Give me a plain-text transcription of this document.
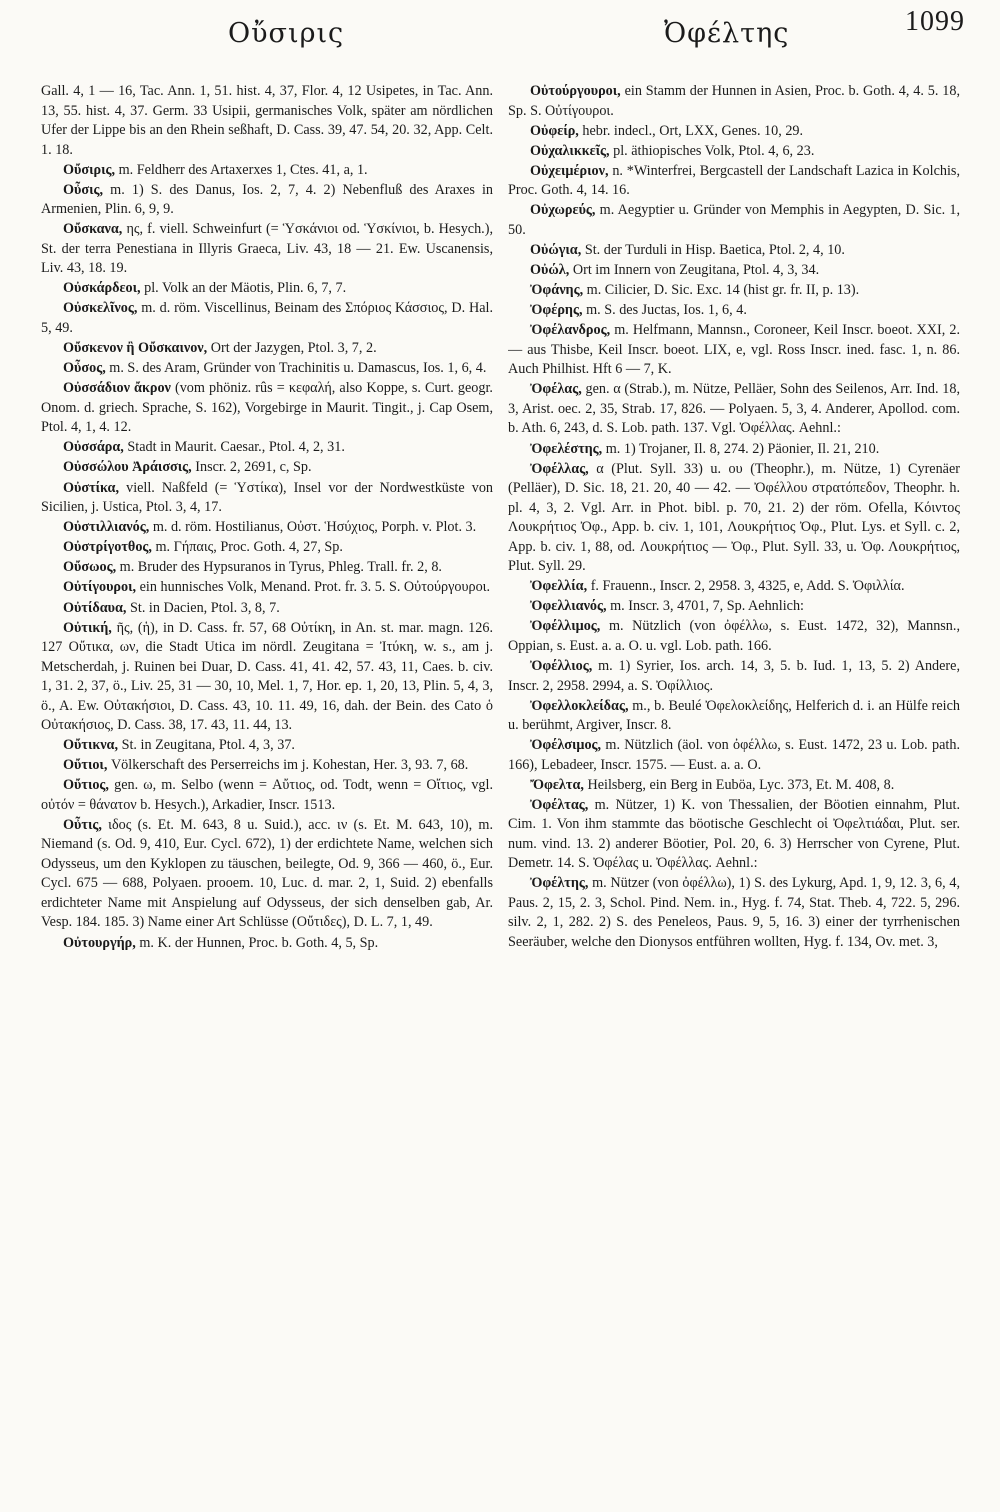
Οὔσιρις	Ὀφέλτης	1099

Gall. 4, 1 — 16, Tac. Ann. 1, 51. hist. 4, 37, Flor. 4, 12 Usipetes, in Tac. Ann. 13, 55. hist. 4, 37. Germ. 33 Usipii, germanisches Volk, später am nördlichen Ufer der Lippe bis an den Rhein seßhaft, D. Cass. 39, 47. 54, 20. 32, App. Celt. 1. 18.

Οὔσιρις, m. Feldherr des Artaxerxes 1, Ctes. 41, a, 1.

Οὖσις, m. 1) S. des Danus, Ios. 2, 7, 4. 2) Nebenfluß des Araxes in Armenien, Plin. 6, 9, 9.

Οὔσκανα, ης, f. viell. Schweinfurt (= Ὑσκάνιοι od. Ὑσκίνιοι, b. Hesych.), St. der terra Penestiana in Illyris Graeca, Liv. 43, 18 — 21. Ew. Uscanensis, Liv. 43, 18. 19.

Οὐσκάρδεοι, pl. Volk an der Mäotis, Plin. 6, 7, 7.

Οὐσκελῖνος, m. d. röm. Viscellinus, Beinam des Σπόριος Κάσσιος, D. Hal. 5, 49.

Οὔσκενον ἢ Οὔσκαινον, Ort der Jazygen, Ptol. 3, 7, 2.

Οὖσος, m. S. des Aram, Gründer von Trachinitis u. Damascus, Ios. 1, 6, 4.

Οὐσσάδιον ἄκρον (vom phöniz. rûs = κεφαλή, also Koppe, s. Curt. geogr. Onom. d. griech. Sprache, S. 162), Vorgebirge in Maurit. Tingit., j. Cap Osem, Ptol. 4, 1, 4. 12.

Οὐσσάρα, Stadt in Maurit. Caesar., Ptol. 4, 2, 31.

Οὐσσώλου Ἀράισσις, Inscr. 2, 2691, c, Sp.

Οὐστίκα, viell. Naßfeld (= Ὑστίκα), Insel vor der Nordwestküste von Sicilien, j. Ustica, Ptol. 3, 4, 17.

Οὐστιλλιανός, m. d. röm. Hostilianus, Οὐστ. Ἡσύχιος, Porph. v. Plot. 3.

Οὐστρίγοτθος, m. Γήπαις, Proc. Goth. 4, 27, Sp.

Οὔσωος, m. Bruder des Hypsuranos in Tyrus, Phleg. Trall. fr. 2, 8.

Οὐτίγουροι, ein hunnisches Volk, Menand. Prot. fr. 3. 5. S. Οὐτούργουροι.

Οὐτίδαυα, St. in Dacien, Ptol. 3, 8, 7.

Οὐτική, ῆς, (ἡ), in D. Cass. fr. 57, 68 Οὐτίκη, in An. st. mar. magn. 126. 127 Οὔτικα, ων, die Stadt Utica im nördl. Zeugitana = Ἰτύκη, w. s., am j. Metscherdah, j. Ruinen bei Duar, D. Cass. 41, 41. 42, 57. 43, 11, Caes. b. civ. 1, 31. 2, 37, ö., Liv. 25, 31 — 30, 10, Mel. 1, 7, Hor. ep. 1, 20, 13, Plin. 5, 4, 3, ö., A. Ew. Οὐτακήσιοι, D. Cass. 43, 10. 11. 49, 16, dah. der Bein. des Cato ὁ Οὐτακήσιος, D. Cass. 38, 17. 43, 11. 44, 13.

Οὔτικνα, St. in Zeugitana, Ptol. 4, 3, 37.

Οὔτιοι, Völkerschaft des Perserreichs im j. Kohestan, Her. 3, 93. 7, 68.

Οὔτιος, gen. ω, m. Selbo (wenn = Αὔτιος, od. Todt, wenn = Οἴτιος, vgl. οὐτόν = θάνατον b. Hesych.), Arkadier, Inscr. 1513.

Οὖτις, ιδος (s. Et. M. 643, 8 u. Suid.), acc. ιν (s. Et. M. 643, 10), m. Niemand (s. Od. 9, 410, Eur. Cycl. 672), 1) der erdichtete Name, welchen sich Odysseus, um den Kyklopen zu täuschen, beilegte, Od. 9, 366 — 460, ö., Eur. Cycl. 675 — 688, Polyaen. prooem. 10, Luc. d. mar. 2, 1, Suid. 2) ebenfalls erdichteter Name mit Anspielung auf Odysseus, der sich denselben gab, Ar. Vesp. 184. 185. 3) Name einer Art Schlüsse (Οὔτιδες), D. L. 7, 1, 49.

Οὐτουργήρ, m. K. der Hunnen, Proc. b. Goth. 4, 5, Sp.

Οὐτούργουροι, ein Stamm der Hunnen in Asien, Proc. b. Goth. 4, 4. 5. 18, Sp. S. Οὐτίγουροι.

Οὐφείρ, hebr. indecl., Ort, LXX, Genes. 10, 29.

Οὐχαλικκεῖς, pl. äthiopisches Volk, Ptol. 4, 6, 23.

Οὐχειμέριον, n. *Winterfrei, Bergcastell der Landschaft Lazica in Kolchis, Proc. Goth. 4, 14. 16.

Οὐχωρεύς, m. Aegyptier u. Gründer von Memphis in Aegypten, D. Sic. 1, 50.

Οὐώγια, St. der Turduli in Hisp. Baetica, Ptol. 2, 4, 10.

Οὐώλ, Ort im Innern von Zeugitana, Ptol. 4, 3, 34.

Ὀφάνης, m. Cilicier, D. Sic. Exc. 14 (hist gr. fr. II, p. 13).

Ὀφέρης, m. S. des Juctas, Ios. 1, 6, 4.

Ὀφέλανδρος, m. Helfmann, Mannsn., Coroneer, Keil Inscr. boeot. XXI, 2. — aus Thisbe, Keil Inscr. boeot. LIX, e, vgl. Ross Inscr. ined. fasc. 1, n. 86. Auch Philhist. Hft 6 — 7, K.

Ὀφέλας, gen. α (Strab.), m. Nütze, Pelläer, Sohn des Seilenos, Arr. Ind. 18, 3, Arist. oec. 2, 35, Strab. 17, 826. — Polyaen. 5, 3, 4. Anderer, Apollod. com. b. Ath. 6, 243, d. S. Lob. path. 137. Vgl. Ὀφέλλας. Aehnl.:

Ὀφελέστης, m. 1) Trojaner, Il. 8, 274. 2) Päonier, Il. 21, 210.

Ὀφέλλας, α (Plut. Syll. 33) u. ου (Theophr.), m. Nütze, 1) Cyrenäer (Pelläer), D. Sic. 18, 21. 20, 40 — 42. — Ὀφέλλου στρατόπεδον, Theophr. h. pl. 4, 3, 2. Vgl. Arr. in Phot. bibl. p. 70, 21. 2) der röm. Ofella, Κόιντος Λουκρήτιος Ὀφ., App. b. civ. 1, 101, Λουκρήτιος Ὀφ., Plut. Lys. et Syll. c. 2, App. b. civ. 1, 88, od. Λουκρήτιος — Ὀφ., Plut. Syll. 33, u. Ὀφ. Λουκρήτιος, Plut. Syll. 29.

Ὀφελλία, f. Frauenn., Inscr. 2, 2958. 3, 4325, e, Add. S. Ὀφιλλία.

Ὀφελλιανός, m. Inscr. 3, 4701, 7, Sp. Aehnlich:

Ὀφέλλιμος, m. Nützlich (von ὀφέλλω, s. Eust. 1472, 32), Mannsn., Oppian, s. Eust. a. a. O. u. vgl. Lob. path. 166.

Ὀφέλλιος, m. 1) Syrier, Ios. arch. 14, 3, 5. b. Iud. 1, 13, 5. 2) Andere, Inscr. 2, 2958. 2994, a. S. Ὀφίλλιος.

Ὀφελλοκλείδας, m., b. Beulé Ὀφελοκλείδης, Helferich d. i. an Hülfe reich u. berühmt, Argiver, Inscr. 8.

Ὀφέλσιμος, m. Nützlich (äol. von ὀφέλλω, s. Eust. 1472, 23 u. Lob. path. 166), Lebadeer, Inscr. 1575. — Eust. a. a. O.

Ὄφελτα, Heilsberg, ein Berg in Euböa, Lyc. 373, Et. M. 408, 8.

Ὀφέλτας, m. Nützer, 1) K. von Thessalien, der Böotien einnahm, Plut. Cim. 1. Von ihm stammte das böotische Geschlecht οἱ Ὀφελτιάδαι, Plut. ser. num. vind. 13. 2) anderer Böotier, Pol. 20, 6. 3) Herrscher von Cyrene, Plut. Demetr. 14. S. Ὀφέλας u. Ὀφέλλας. Aehnl.:

Ὀφέλτης, m. Nützer (von ὀφέλλω), 1) S. des Lykurg, Apd. 1, 9, 12. 3, 6, 4, Paus. 2, 15, 2. 3, Schol. Pind. Nem. in., Hyg. f. 74, Stat. Theb. 4, 722. 5, 296. silv. 2, 1, 282. 2) S. des Peneleos, Paus. 9, 5, 16. 3) einer der tyrrhenischen Seeräuber, welche den Dionysos entführen wollten, Hyg. f. 134, Ov. met. 3,
